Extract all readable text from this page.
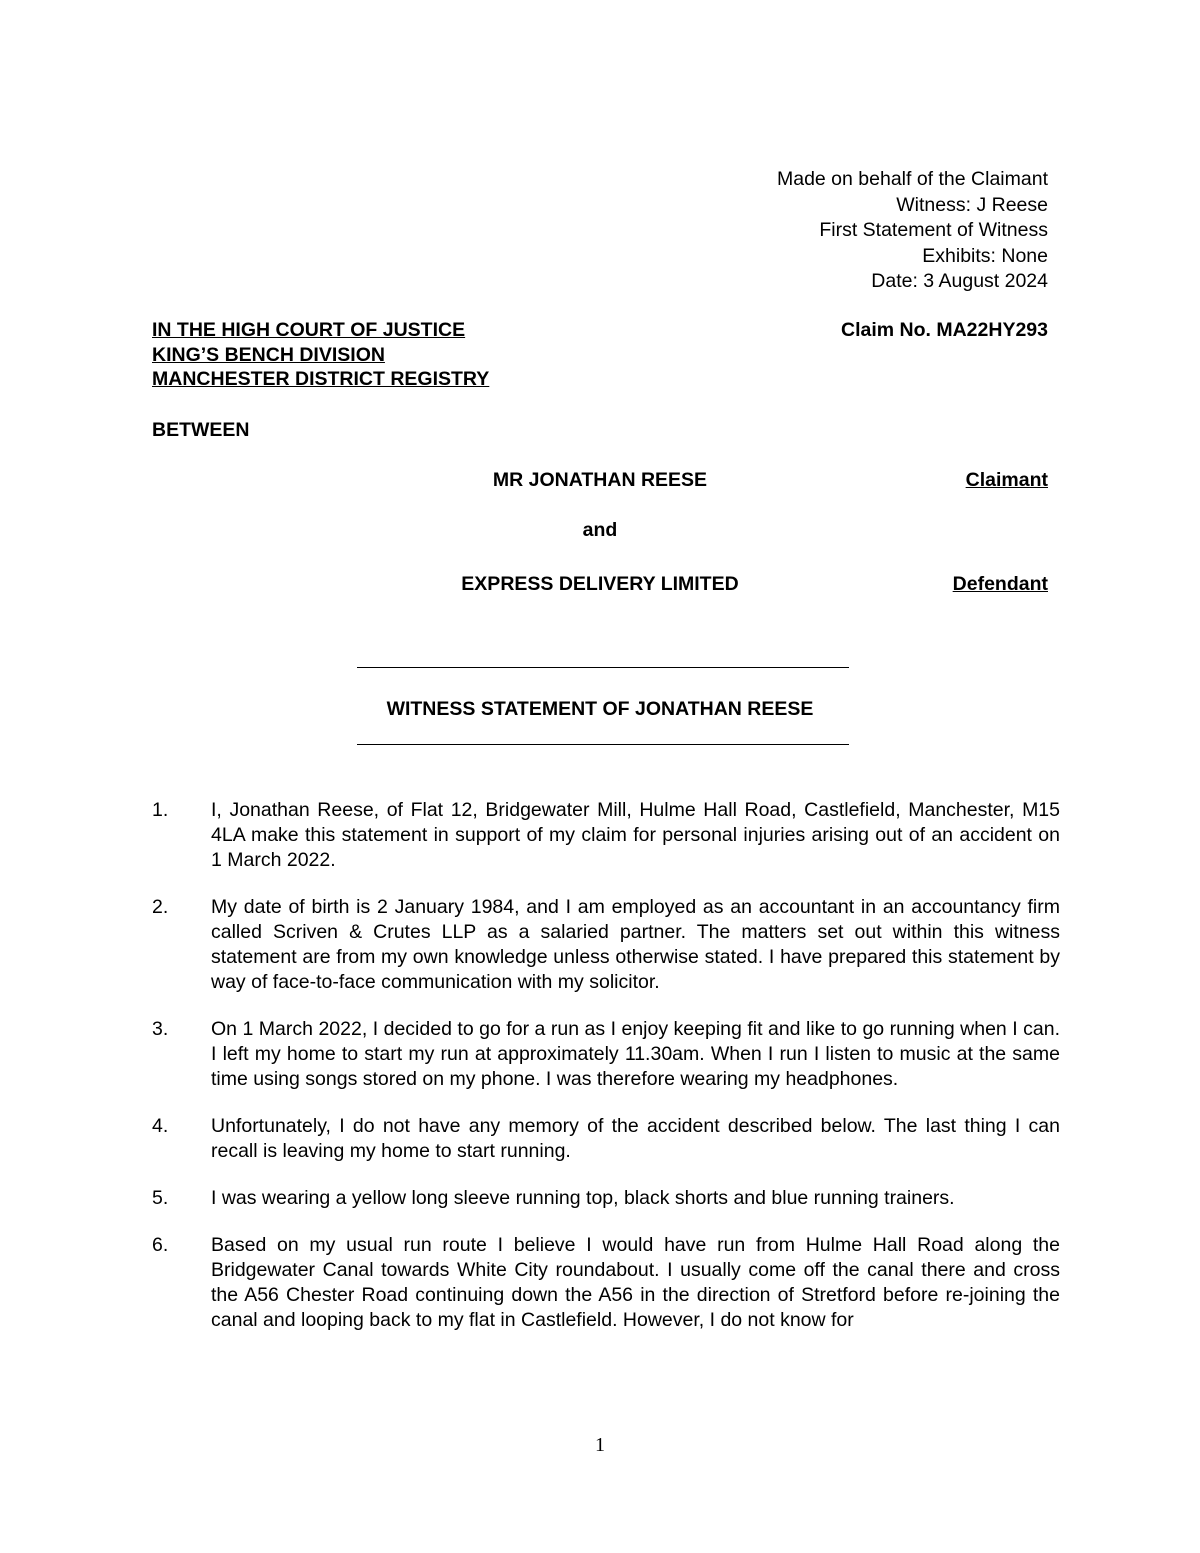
Made on behalf of the Claimant
Witness: J Reese
First Statement of Witness
Exhibits: None
Date: 3 August 2024
IN THE HIGH COURT OF JUSTICE
KING’S BENCH DIVISION
MANCHESTER DISTRICT REGISTRY
Claim No. MA22HY293
BETWEEN
MR JONATHAN REESE	Claimant
and
EXPRESS DELIVERY LIMITED	Defendant
WITNESS STATEMENT OF JONATHAN REESE
1.	I, Jonathan Reese, of Flat 12, Bridgewater Mill, Hulme Hall Road, Castlefield, Manchester, M15 4LA make this statement in support of my claim for personal injuries arising out of an accident on 1 March 2022.
2.	My date of birth is 2 January 1984, and I am employed as an accountant in an accountancy firm called Scriven & Crutes LLP as a salaried partner. The matters set out within this witness statement are from my own knowledge unless otherwise stated. I have prepared this statement by way of face-to-face communication with my solicitor.
3.	On 1 March 2022, I decided to go for a run as I enjoy keeping fit and like to go running when I can. I left my home to start my run at approximately 11.30am. When I run I listen to music at the same time using songs stored on my phone. I was therefore wearing my headphones.
4.	Unfortunately, I do not have any memory of the accident described below. The last thing I can recall is leaving my home to start running.
5.	I was wearing a yellow long sleeve running top, black shorts and blue running trainers.
6.	Based on my usual run route I believe I would have run from Hulme Hall Road along the Bridgewater Canal towards White City roundabout. I usually come off the canal there and cross the A56 Chester Road continuing down the A56 in the direction of Stretford before re-joining the canal and looping back to my flat in Castlefield. However, I do not know for
1
